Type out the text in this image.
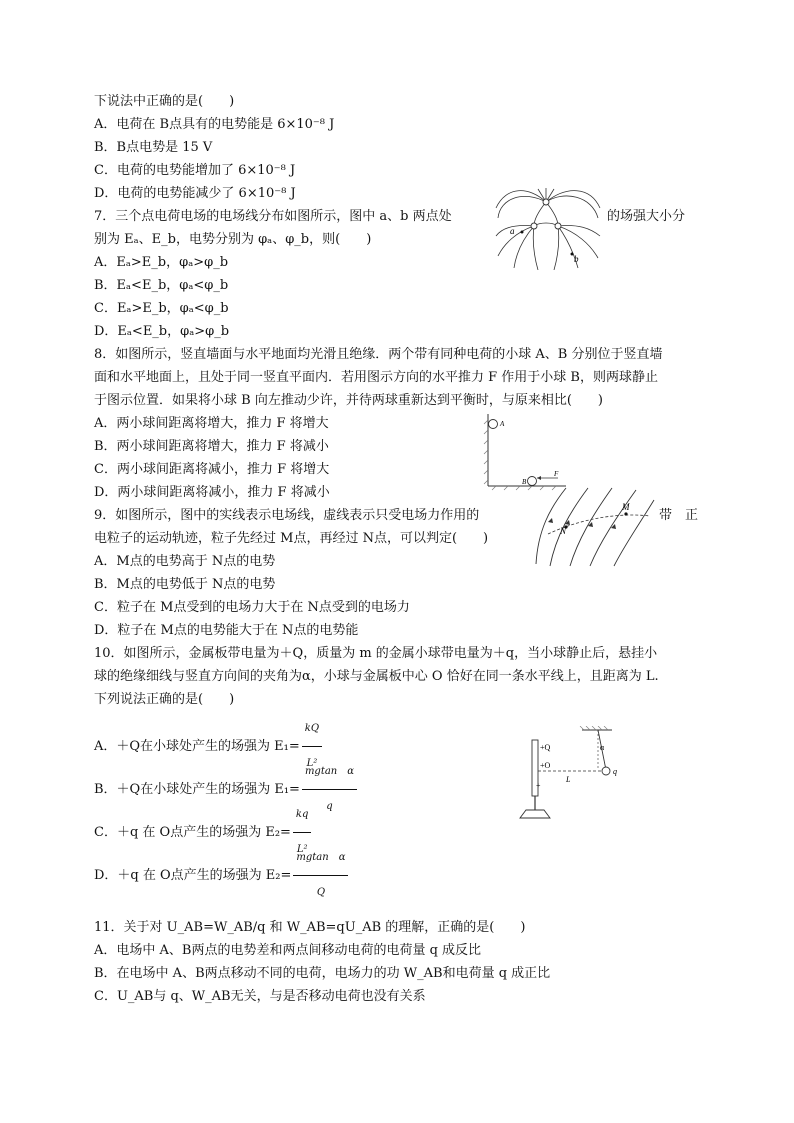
下说法中正确的是(　　)
A．电荷在 B点具有的电势能是 6×10⁻⁸ J
B．B点电势是 15 V
C．电荷的电势能增加了 6×10⁻⁸ J
D．电荷的电势能减少了 6×10⁻⁸ J
7．三个点电荷电场的电场线分布如图所示，图中 a、b 两点处	的场强大小分
别为 Eₐ、E_b，电势分别为 φₐ、φ_b，则(　　)
A．Eₐ>E_b，φₐ>φ_b
B．Eₐ<E_b，φₐ<φ_b
C．Eₐ>E_b，φₐ<φ_b
D．Eₐ<E_b，φₐ>φ_b
a
b
8．如图所示，竖直墙面与水平地面均光滑且绝缘．两个带有同种电荷的小球 A、B 分别位于竖直墙
面和水平地面上，且处于同一竖直平面内．若用图示方向的水平推力 F 作用于小球 B，则两球静止
于图示位置．如果将小球 B 向左推动少许，并待两球重新达到平衡时，与原来相比(　　)
A．两小球间距离将增大，推力 F 将增大
B．两小球间距离将增大，推力 F 将减小
C．两小球间距离将减小，推力 F 将增大
D．两小球间距离将减小，推力 F 将减小
A
B
F
9．如图所示，图中的实线表示电场线，虚线表示只受电场力作用的	带　正
电粒子的运动轨迹，粒子先经过 M点，再经过 N点，可以判定(　　)
A．M点的电势高于 N点的电势
B．M点的电势低于 N点的电势
C．粒子在 M点受到的电场力大于在 N点受到的电场力
D．粒子在 M点的电势能大于在 N点的电势能
N
M
10．如图所示，金属板带电量为＋Q，质量为 m 的金属小球带电量为＋q，当小球静止后，悬挂小
球的绝缘细线与竖直方向间的夹角为α，小球与金属板中心 O 恰好在同一条水平线上，且距离为 L.
下列说法正确的是(　　)
A．＋Q在小球处产生的场强为 $E_1= \frac{kQ}{\text{L²}}$
B．＋Q在小球处产生的场强为 $E_1= \frac{\text{mgtan　α}}{q}$
C．＋q 在 O点产生的场强为 $E_2= \frac{kq}{\text{L²}}$
D．＋q 在 O点产生的场强为 $E_2= \frac{\text{mgtan　α}}{Q}$
+Q
+O
+
L
α
q
11．关于对 U_AB=W_AB/q 和 W_AB=qU_AB 的理解，正确的是(　　)
A．电场中 A、B两点的电势差和两点间移动电荷的电荷量 q 成反比
B．在电场中 A、B两点移动不同的电荷，电场力的功 W_AB和电荷量 q 成正比
C．U_AB与 q、W_AB无关，与是否移动电荷也没有关系
